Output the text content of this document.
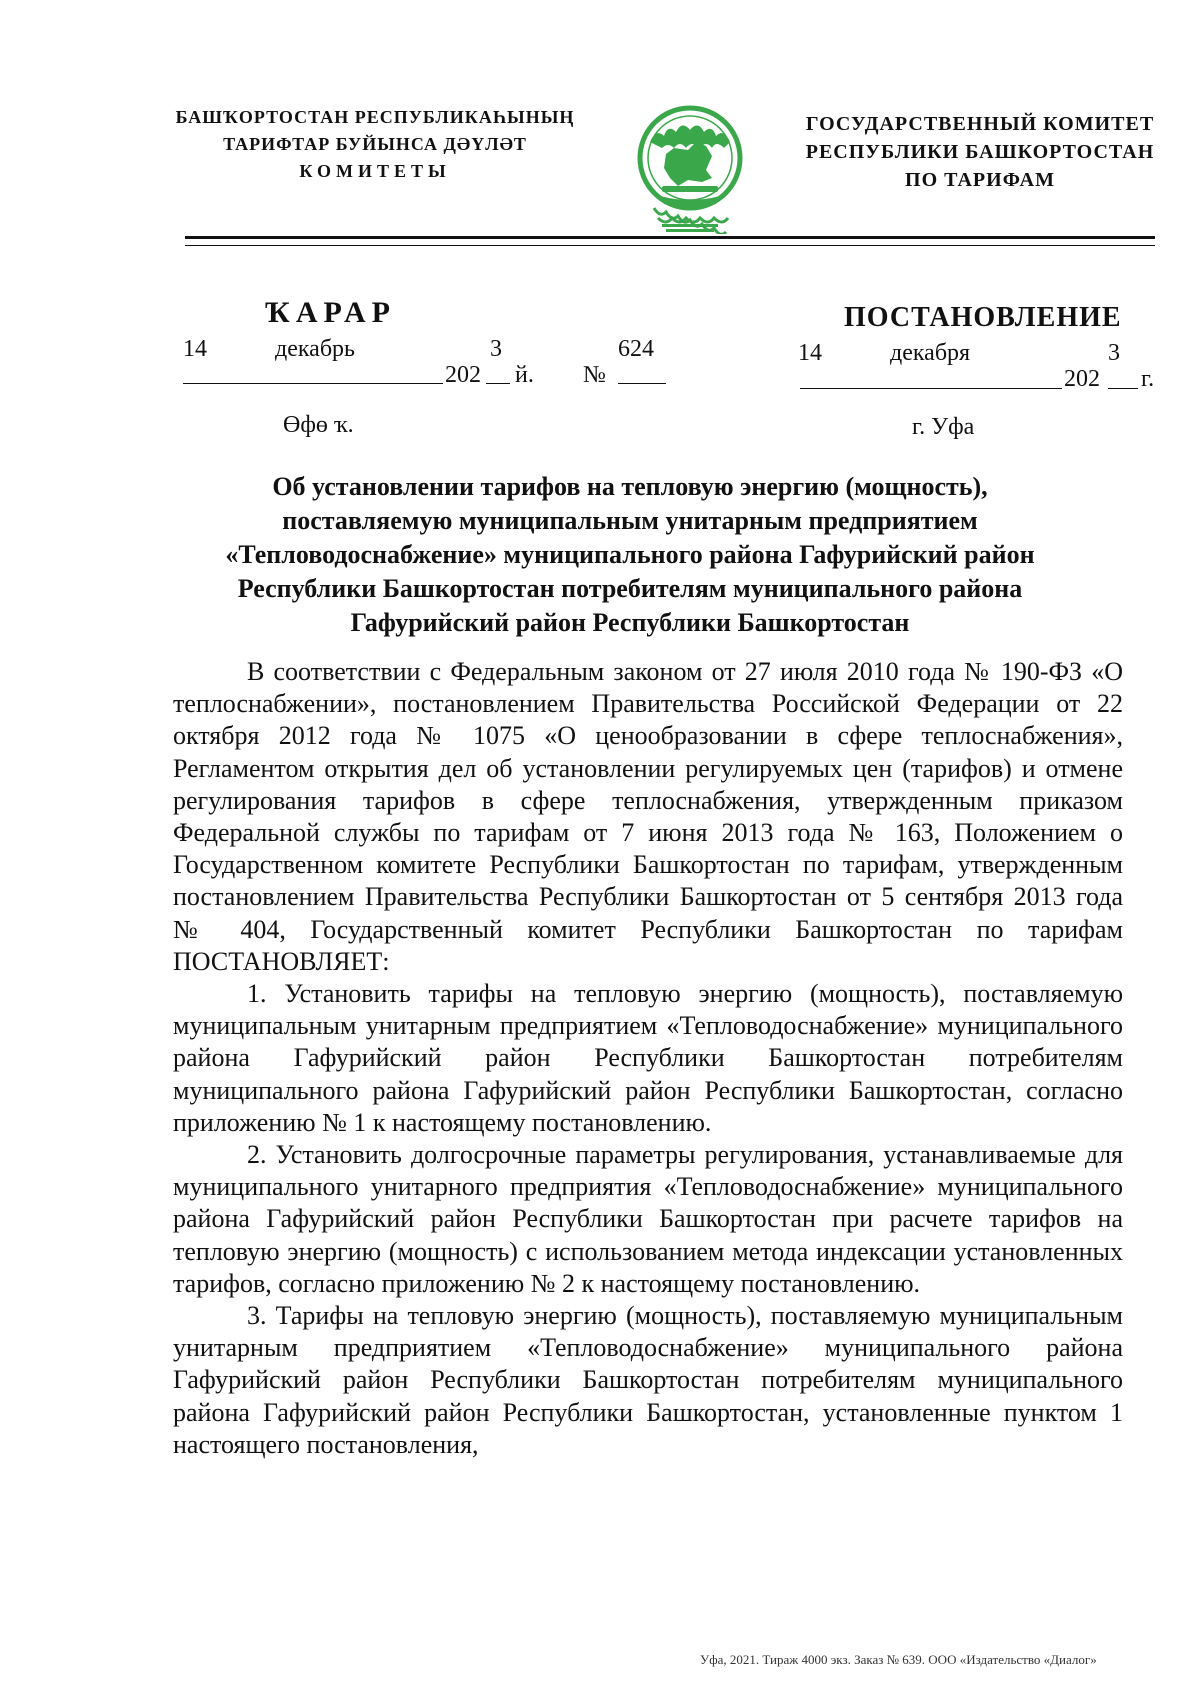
БАШҠОРТОСТАН РЕСПУБЛИКАҺЫНЫҢ
ТАРИФТАР БУЙЫНСА ДӘҮЛӘТ
КОМИТЕТЫ
ГОСУДАРСТВЕННЫЙ КОМИТЕТ
РЕСПУБЛИКИ БАШКОРТОСТАН
ПО ТАРИФАМ
ҠАРАР
14	декабрь	3	624
202 й. №
Өфө ҡ.
ПОСТАНОВЛЕНИЕ
14	декабря	3
202 г.
г. Уфа
Об установлении тарифов на тепловую энергию (мощность),
поставляемую муниципальным унитарным предприятием
«Тепловодоснабжение» муниципального района Гафурийский район
Республики Башкортостан потребителям муниципального района
Гафурийский район Республики Башкортостан

В соответствии с Федеральным законом от 27 июля 2010 года № 190-ФЗ «О теплоснабжении», постановлением Правительства Российской Федерации от 22 октября 2012 года № 1075 «О ценообразовании в сфере теплоснабжения», Регламентом открытия дел об установлении регулируемых цен (тарифов) и отмене регулирования тарифов в сфере теплоснабжения, утвержденным приказом Федеральной службы по тарифам от 7 июня 2013 года № 163, Положением о Государственном комитете Республики Башкортостан по тарифам, утвержденным постановлением Правительства Республики Башкортостан от 5 сентября 2013 года № 404, Государственный комитет Республики Башкортостан по тарифам ПОСТАНОВЛЯЕТ:

1. Установить тарифы на тепловую энергию (мощность), поставляемую муниципальным унитарным предприятием «Тепловодоснабжение» муниципального района Гафурийский район Республики Башкортостан потребителям муниципального района Гафурийский район Республики Башкортостан, согласно приложению № 1 к настоящему постановлению.

2. Установить долгосрочные параметры регулирования, устанавливаемые для муниципального унитарного предприятия «Тепловодоснабжение» муниципального района Гафурийский район Республики Башкортостан при расчете тарифов на тепловую энергию (мощность) с использованием метода индексации установленных тарифов, согласно приложению № 2 к настоящему постановлению.

3. Тарифы на тепловую энергию (мощность), поставляемую муниципальным унитарным предприятием «Тепловодоснабжение» муниципального района Гафурийский район Республики Башкортостан потребителям муниципального района Гафурийский район Республики Башкортостан, установленные пунктом 1 настоящего постановления,

Уфа, 2021. Тираж 4000 экз. Заказ № 639. ООО «Издательство «Диалог»
